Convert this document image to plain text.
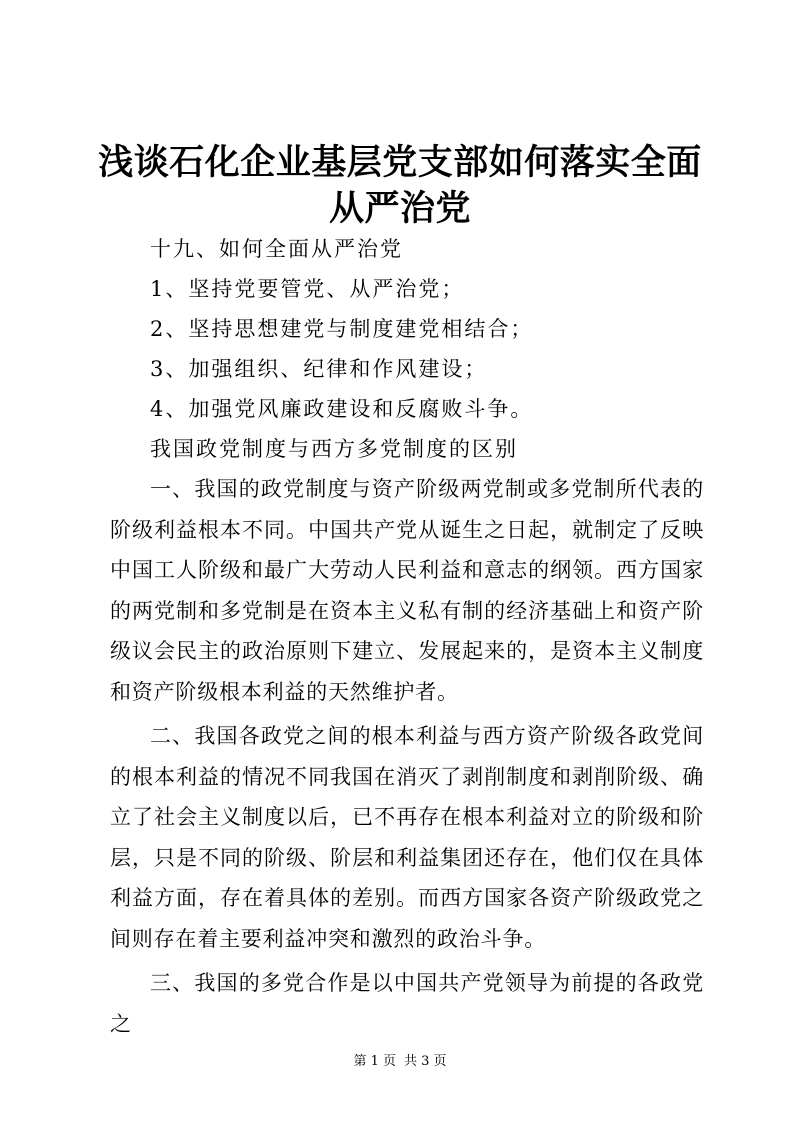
浅谈石化企业基层党支部如何落实全面从严治党

十九、如何全面从严治党

1、坚持党要管党、从严治党；

2、坚持思想建党与制度建党相结合；

3、加强组织、纪律和作风建设；

4、加强党风廉政建设和反腐败斗争。

我国政党制度与西方多党制度的区别

一、我国的政党制度与资产阶级两党制或多党制所代表的阶级利益根本不同。中国共产党从诞生之日起，就制定了反映中国工人阶级和最广大劳动人民利益和意志的纲领。西方国家的两党制和多党制是在资本主义私有制的经济基础上和资产阶级议会民主的政治原则下建立、发展起来的，是资本主义制度和资产阶级根本利益的天然维护者。

二、我国各政党之间的根本利益与西方资产阶级各政党间的根本利益的情况不同我国在消灭了剥削制度和剥削阶级、确立了社会主义制度以后，已不再存在根本利益对立的阶级和阶层，只是不同的阶级、阶层和利益集团还存在，他们仅在具体利益方面，存在着具体的差别。而西方国家各资产阶级政党之间则存在着主要利益冲突和激烈的政治斗争。

三、我国的多党合作是以中国共产党领导为前提的各政党之

第 1 页 共 3 页
